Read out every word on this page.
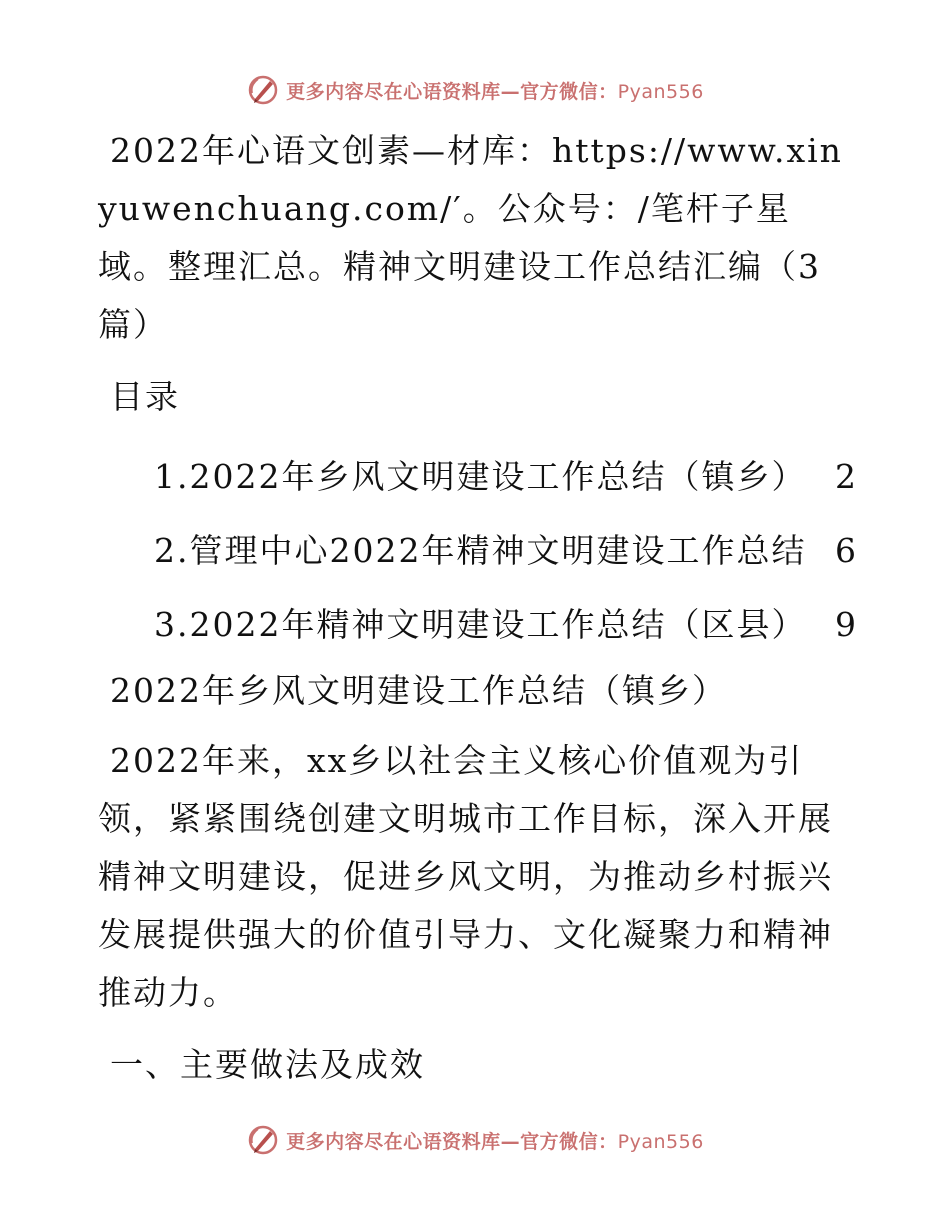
更多内容尽在心语资料库—官方微信：Pyan556

2022年心语文创素—材库：https://www.xinyuwenchuang.com/′。公众号：/笔杆子星域。整理汇总。精神文明建设工作总结汇编（3篇）

目录

1.2022年乡风文明建设工作总结（镇乡） 2
2.管理中心2022年精神文明建设工作总结 6
3.2022年精神文明建设工作总结（区县） 9

2022年乡风文明建设工作总结（镇乡）

2022年来，xx乡以社会主义核心价值观为引领，紧紧围绕创建文明城市工作目标，深入开展精神文明建设，促进乡风文明，为推动乡村振兴发展提供强大的价值引导力、文化凝聚力和精神推动力。

一、主要做法及成效

更多内容尽在心语资料库—官方微信：Pyan556
